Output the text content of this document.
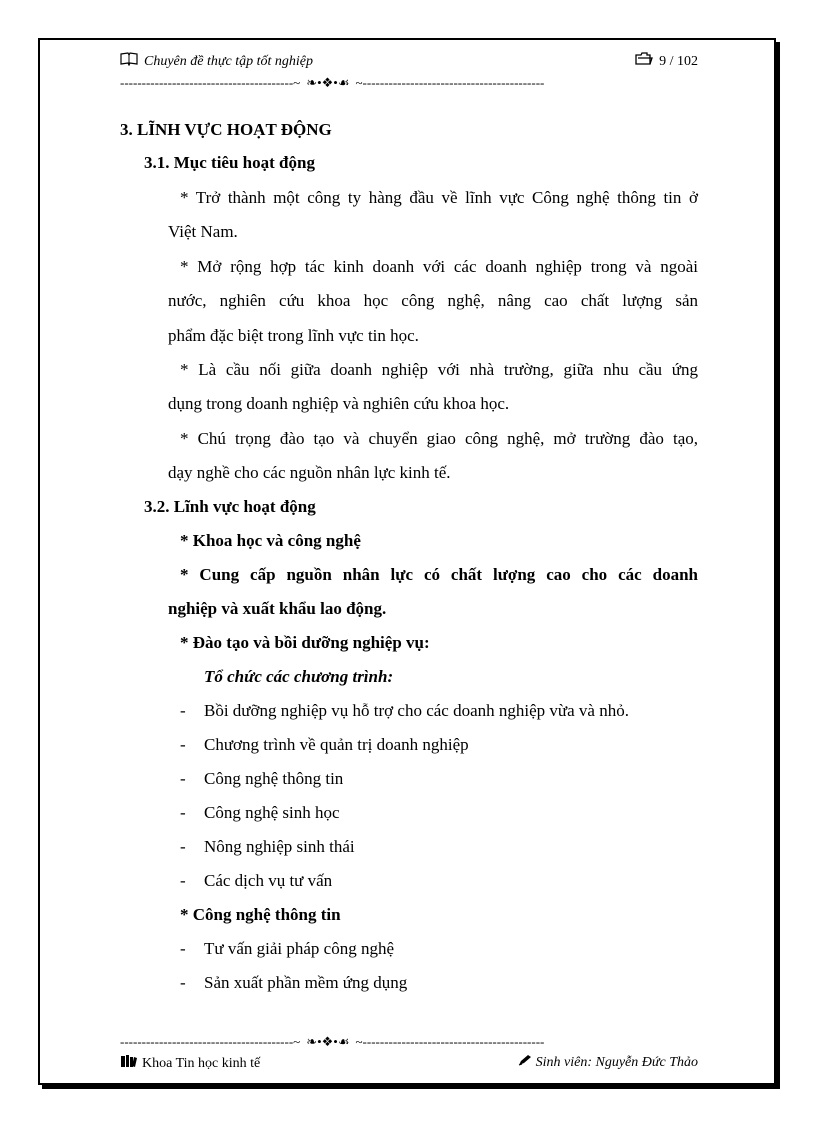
Chuyên đề thực tập tốt nghiệp	9 / 102
----------------------------------------~ ❧•❖•☙ ~------------------------------------------
3. LĨNH VỰC HOẠT ĐỘNG
3.1. Mục tiêu hoạt động
* Trở thành một công ty hàng đầu về lĩnh vực Công nghệ thông tin ở
Việt Nam.
* Mở rộng hợp tác kinh doanh với các doanh nghiệp trong và ngoài
nước, nghiên cứu khoa học công nghệ, nâng cao chất lượng sản
phẩm đặc biệt trong lĩnh vực tin học.
* Là cầu nối giữa doanh nghiệp với nhà trường, giữa nhu cầu ứng
dụng trong doanh nghiệp và nghiên cứu khoa học.
* Chú trọng đào tạo và chuyển giao công nghệ, mở trường đào tạo,
dạy nghề cho các nguồn nhân lực kinh tế.
3.2. Lĩnh vực hoạt động
* Khoa học và công nghệ
* Cung cấp nguồn nhân lực có chất lượng cao cho các doanh
nghiệp và xuất khẩu lao động.
* Đào tạo và bồi dưỡng nghiệp vụ:
Tổ chức các chương trình:
-	Bồi dưỡng nghiệp vụ hỗ trợ cho các doanh nghiệp vừa và nhỏ.
-	Chương trình về quản trị doanh nghiệp
-	Công nghệ thông tin
-	Công nghệ sinh học
-	Nông nghiệp sinh thái
-	Các dịch vụ tư vấn
* Công nghệ thông tin
-	Tư vấn giải pháp công nghệ
-	Sản xuất phần mềm ứng dụng
----------------------------------------~ ❧•❖•☙ ~------------------------------------------
Khoa Tin học kinh tế	Sinh viên: Nguyễn Đức Thảo
